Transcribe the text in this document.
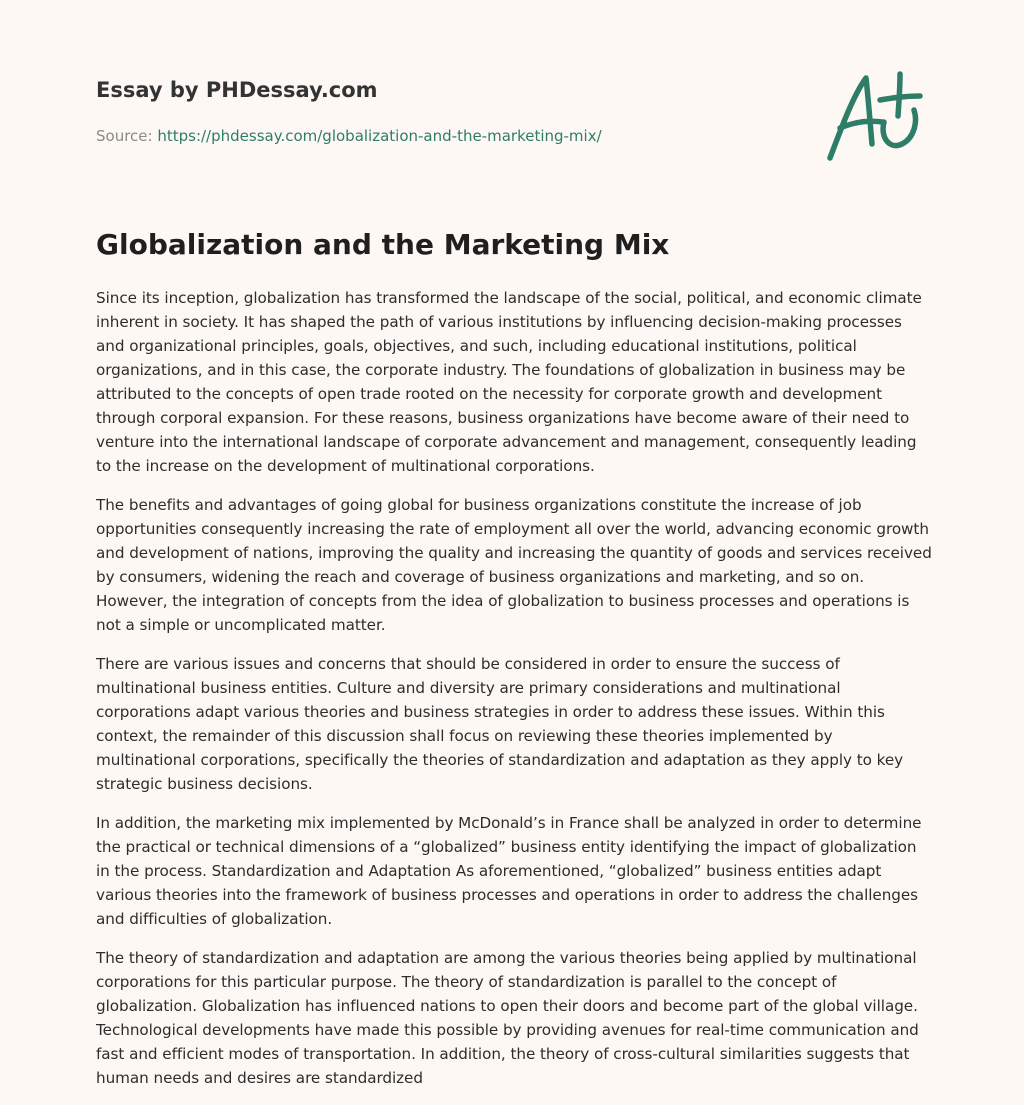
Essay by PHDessay.com

Source: https://phdessay.com/globalization-and-the-marketing-mix/
Globalization and the Marketing Mix

Since its inception, globalization has transformed the landscape of the social, political, and economic climate inherent in society. It has shaped the path of various institutions by influencing decision-making processes and organizational principles, goals, objectives, and such, including educational institutions, political organizations, and in this case, the corporate industry. The foundations of globalization in business may be attributed to the concepts of open trade rooted on the necessity for corporate growth and development through corporal expansion. For these reasons, business organizations have become aware of their need to venture into the international landscape of corporate advancement and management, consequently leading to the increase on the development of multinational corporations.

The benefits and advantages of going global for business organizations constitute the increase of job opportunities consequently increasing the rate of employment all over the world, advancing economic growth and development of nations, improving the quality and increasing the quantity of goods and services received by consumers, widening the reach and coverage of business organizations and marketing, and so on. However, the integration of concepts from the idea of globalization to business processes and operations is not a simple or uncomplicated matter.

There are various issues and concerns that should be considered in order to ensure the success of multinational business entities. Culture and diversity are primary considerations and multinational corporations adapt various theories and business strategies in order to address these issues. Within this context, the remainder of this discussion shall focus on reviewing these theories implemented by multinational corporations, specifically the theories of standardization and adaptation as they apply to key strategic business decisions.

In addition, the marketing mix implemented by McDonald’s in France shall be analyzed in order to determine the practical or technical dimensions of a “globalized” business entity identifying the impact of globalization in the process. Standardization and Adaptation As aforementioned, “globalized” business entities adapt various theories into the framework of business processes and operations in order to address the challenges and difficulties of globalization.

The theory of standardization and adaptation are among the various theories being applied by multinational corporations for this particular purpose. The theory of standardization is parallel to the concept of globalization. Globalization has influenced nations to open their doors and become part of the global village. Technological developments have made this possible by providing avenues for real-time communication and fast and efficient modes of transportation. In addition, the theory of cross-cultural similarities suggests that human needs and desires are standardized
